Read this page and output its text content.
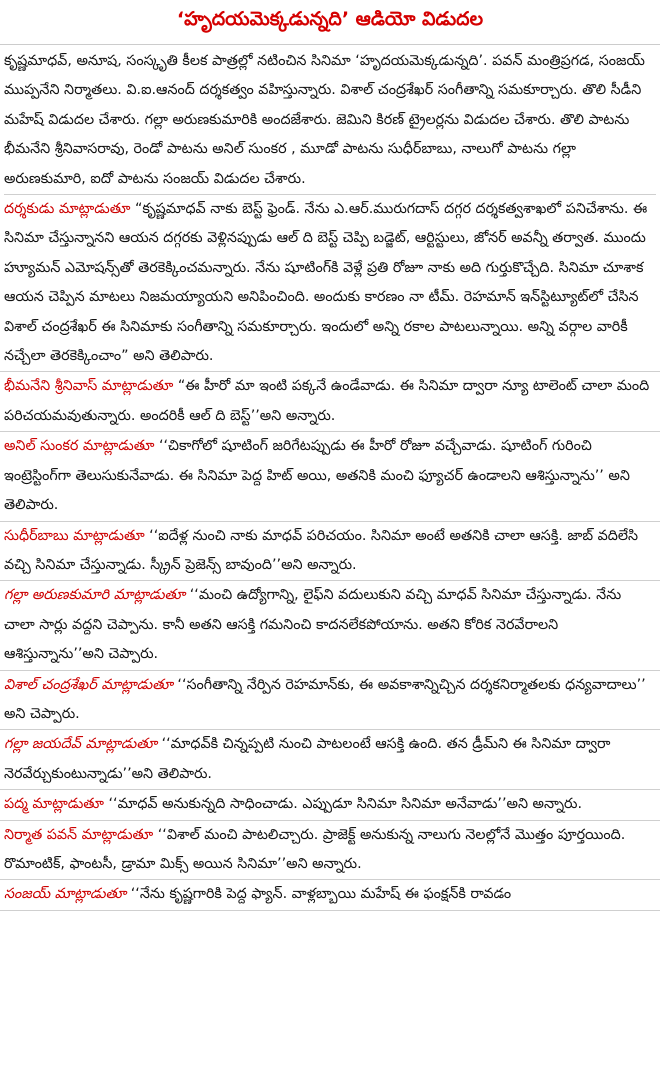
‘హృదయమెక్కడున్నది’ ఆడియో విడుదల

కృష్ణమాధవ్, అనూష, సంస్కృతి కీలక పాత్రల్లో నటించిన సినిమా ‘హృదయమెక్కడున్నది’. పవన్ మంత్రిప్రగడ, సంజయ్ ముప్పనేని నిర్మాతలు. వి.ఐ.ఆనంద్ దర్శకత్వం వహిస్తున్నారు. విశాల్ చంద్రశేఖర్ సంగీతాన్ని సమకూర్చారు. తొలి సీడీని మహేష్ విడుదల చేశారు. గల్లా అరుణకుమారికి అందజేశారు. జెమిని కిరణ్ ట్రైలర్లను విడుదల చేశారు. తొలి పాటను భీమనేని శ్రీనివాసరావు, రెండో పాటను అనిల్ సుంకర , మూడో పాటను సుధీర్‌బాబు, నాలుగో పాటను గల్లా అరుణకుమారి, ఐదో పాటను సంజయ్ విడుదల చేశారు.

దర్శకుడు మాట్లాడుతూ “కృష్ణమాధవ్ నాకు బెస్ట్ ఫ్రెండ్. నేను ఎ.ఆర్.మురుగదాస్ దగ్గర దర్శకత్వశాఖలో పనిచేశాను. ఈ సినిమా చేస్తున్నానని ఆయన దగ్గరకు వెళ్లినప్పుడు ఆల్ ది బెస్ట్ చెప్పి బడ్జెట్, ఆర్టిస్టులు, జోనర్ అవన్నీ తర్వాత. ముందు హ్యూమన్ ఎమోషన్స్‌తో తెరకెక్కించమన్నారు. నేను షూటింగ్‌కి వెళ్లే ప్రతి రోజూ నాకు అది గుర్తుకొచ్చేది. సినిమా చూశాక ఆయన చెప్పిన మాటలు నిజమయ్యాయని అనిపించింది. అందుకు కారణం నా టీమ్. రెహమాన్ ఇన్‌స్టిట్యూట్‌లో చేసిన విశాల్ చంద్రశేఖర్ ఈ సినిమాకు సంగీతాన్ని సమకూర్చారు. ఇందులో అన్ని రకాల పాటలున్నాయి. అన్ని వర్గాల వారికీ నచ్చేలా తెరకెక్కించాం” అని తెలిపారు.

భీమనేని శ్రీనివాస్ మాట్లాడుతూ “ఈ హీరో మా ఇంటి పక్కనే ఉండేవాడు. ఈ సినిమా ద్వారా న్యూ టాలెంట్ చాలా మంది పరిచయమవుతున్నారు. అందరికీ ఆల్ ది బెస్ట్’’అని అన్నారు.

అనిల్ సుంకర మాట్లాడుతూ ‘‘చికాగోలో షూటింగ్ జరిగేటప్పుడు ఈ హీరో రోజూ వచ్చేవాడు. షూటింగ్ గురించి ఇంట్రెస్టింగ్‌గా తెలుసుకునేవాడు. ఈ సినిమా పెద్ద హిట్ అయి, అతనికి మంచి ఫ్యూచర్ ఉండాలని ఆశిస్తున్నాను’’ అని తెలిపారు.

సుధీర్‌బాబు మాట్లాడుతూ ‘‘ఐదేళ్ల నుంచి నాకు మాధవ్ పరిచయం. సినిమా అంటే అతనికి చాలా ఆసక్తి. జాబ్ వదిలేసి వచ్చి సినిమా చేస్తున్నాడు. స్క్రీన్ ప్రెజెన్స్ బావుంది’’అని అన్నారు.

గల్లా అరుణకుమారి మాట్లాడుతూ ‘‘మంచి ఉద్యోగాన్ని, లైఫ్‌ని వదులుకుని వచ్చి మాధవ్ సినిమా చేస్తున్నాడు. నేను చాలా సార్లు వద్దని చెప్పాను. కానీ అతని ఆసక్తి గమనించి కాదనలేకపోయాను. అతని కోరిక నెరవేరాలని ఆశిస్తున్నాను’’అని చెప్పారు.

విశాల్ చంద్రశేఖర్ మాట్లాడుతూ ‘‘సంగీతాన్ని నేర్పిన రెహమాన్‌కు, ఈ అవకాశాన్నిచ్చిన దర్శకనిర్మాతలకు ధన్యవాదాలు’’ అని చెప్పారు.

గల్లా జయదేవ్ మాట్లాడుతూ ‘‘మాధవ్‌కి చిన్నప్పటి నుంచి పాటలంటే ఆసక్తి ఉంది. తన డ్రీమ్‌ని ఈ సినిమా ద్వారా నెరవేర్చుకుంటున్నాడు’’అని తెలిపారు.

పద్మ మాట్లాడుతూ ‘‘మాధవ్ అనుకున్నది సాధించాడు. ఎప్పుడూ సినిమా సినిమా అనేవాడు’’అని అన్నారు.

నిర్మాత పవన్ మాట్లాడుతూ ‘‘విశాల్ మంచి పాటలిచ్చారు. ప్రాజెక్ట్ అనుకున్న నాలుగు నెలల్లోనే మొత్తం పూర్తయింది. రొమాంటిక్, ఫాంటసీ, డ్రామా మిక్స్ అయిన సినిమా’’అని అన్నారు.

సంజయ్ మాట్లాడుతూ ‘‘నేను కృష్ణగారికి పెద్ద ఫ్యాన్. వాళ్లబ్బాయి మహేష్ ఈ ఫంక్షన్‌కి రావడం
